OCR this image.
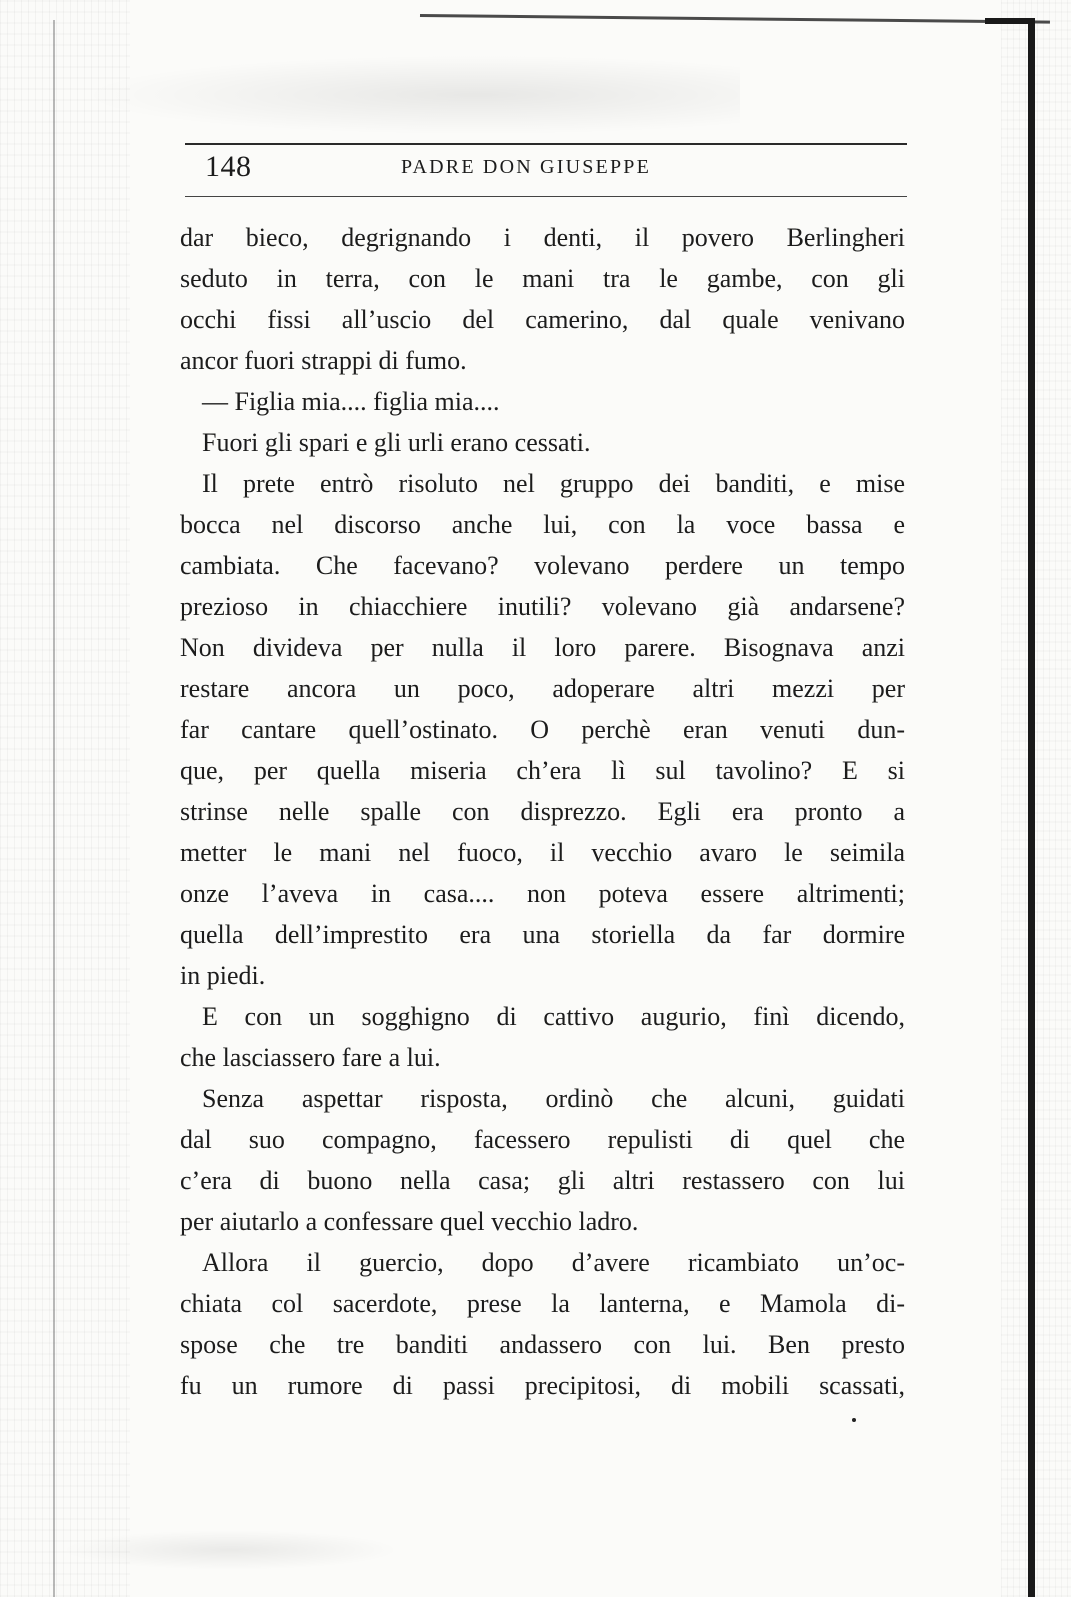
148	PADRE DON GIUSEPPE
dar bieco, degrignando i denti, il povero Berlingheri
seduto in terra, con le mani tra le gambe, con gli
occhi fissi all’uscio del camerino, dal quale venivano
ancor fuori strappi di fumo.
— Figlia mia.... figlia mia....
Fuori gli spari e gli urli erano cessati.
Il prete entrò risoluto nel gruppo dei banditi, e mise
bocca nel discorso anche lui, con la voce bassa e
cambiata. Che facevano? volevano perdere un tempo
prezioso in chiacchiere inutili? volevano già andarsene?
Non divideva per nulla il loro parere. Bisognava anzi
restare ancora un poco, adoperare altri mezzi per
far cantare quell’ostinato. O perchè eran venuti dun-
que, per quella miseria ch’era lì sul tavolino? E si
strinse nelle spalle con disprezzo. Egli era pronto a
metter le mani nel fuoco, il vecchio avaro le seimila
onze l’aveva in casa.... non poteva essere altrimenti;
quella dell’imprestito era una storiella da far dormire
in piedi.
E con un sogghigno di cattivo augurio, finì dicendo,
che lasciassero fare a lui.
Senza aspettar risposta, ordinò che alcuni, guidati
dal suo compagno, facessero repulisti di quel che
c’era di buono nella casa; gli altri restassero con lui
per aiutarlo a confessare quel vecchio ladro.
Allora il guercio, dopo d’avere ricambiato un’oc-
chiata col sacerdote, prese la lanterna, e Mamola di-
spose che tre banditi andassero con lui. Ben presto
fu un rumore di passi precipitosi, di mobili scassati,
